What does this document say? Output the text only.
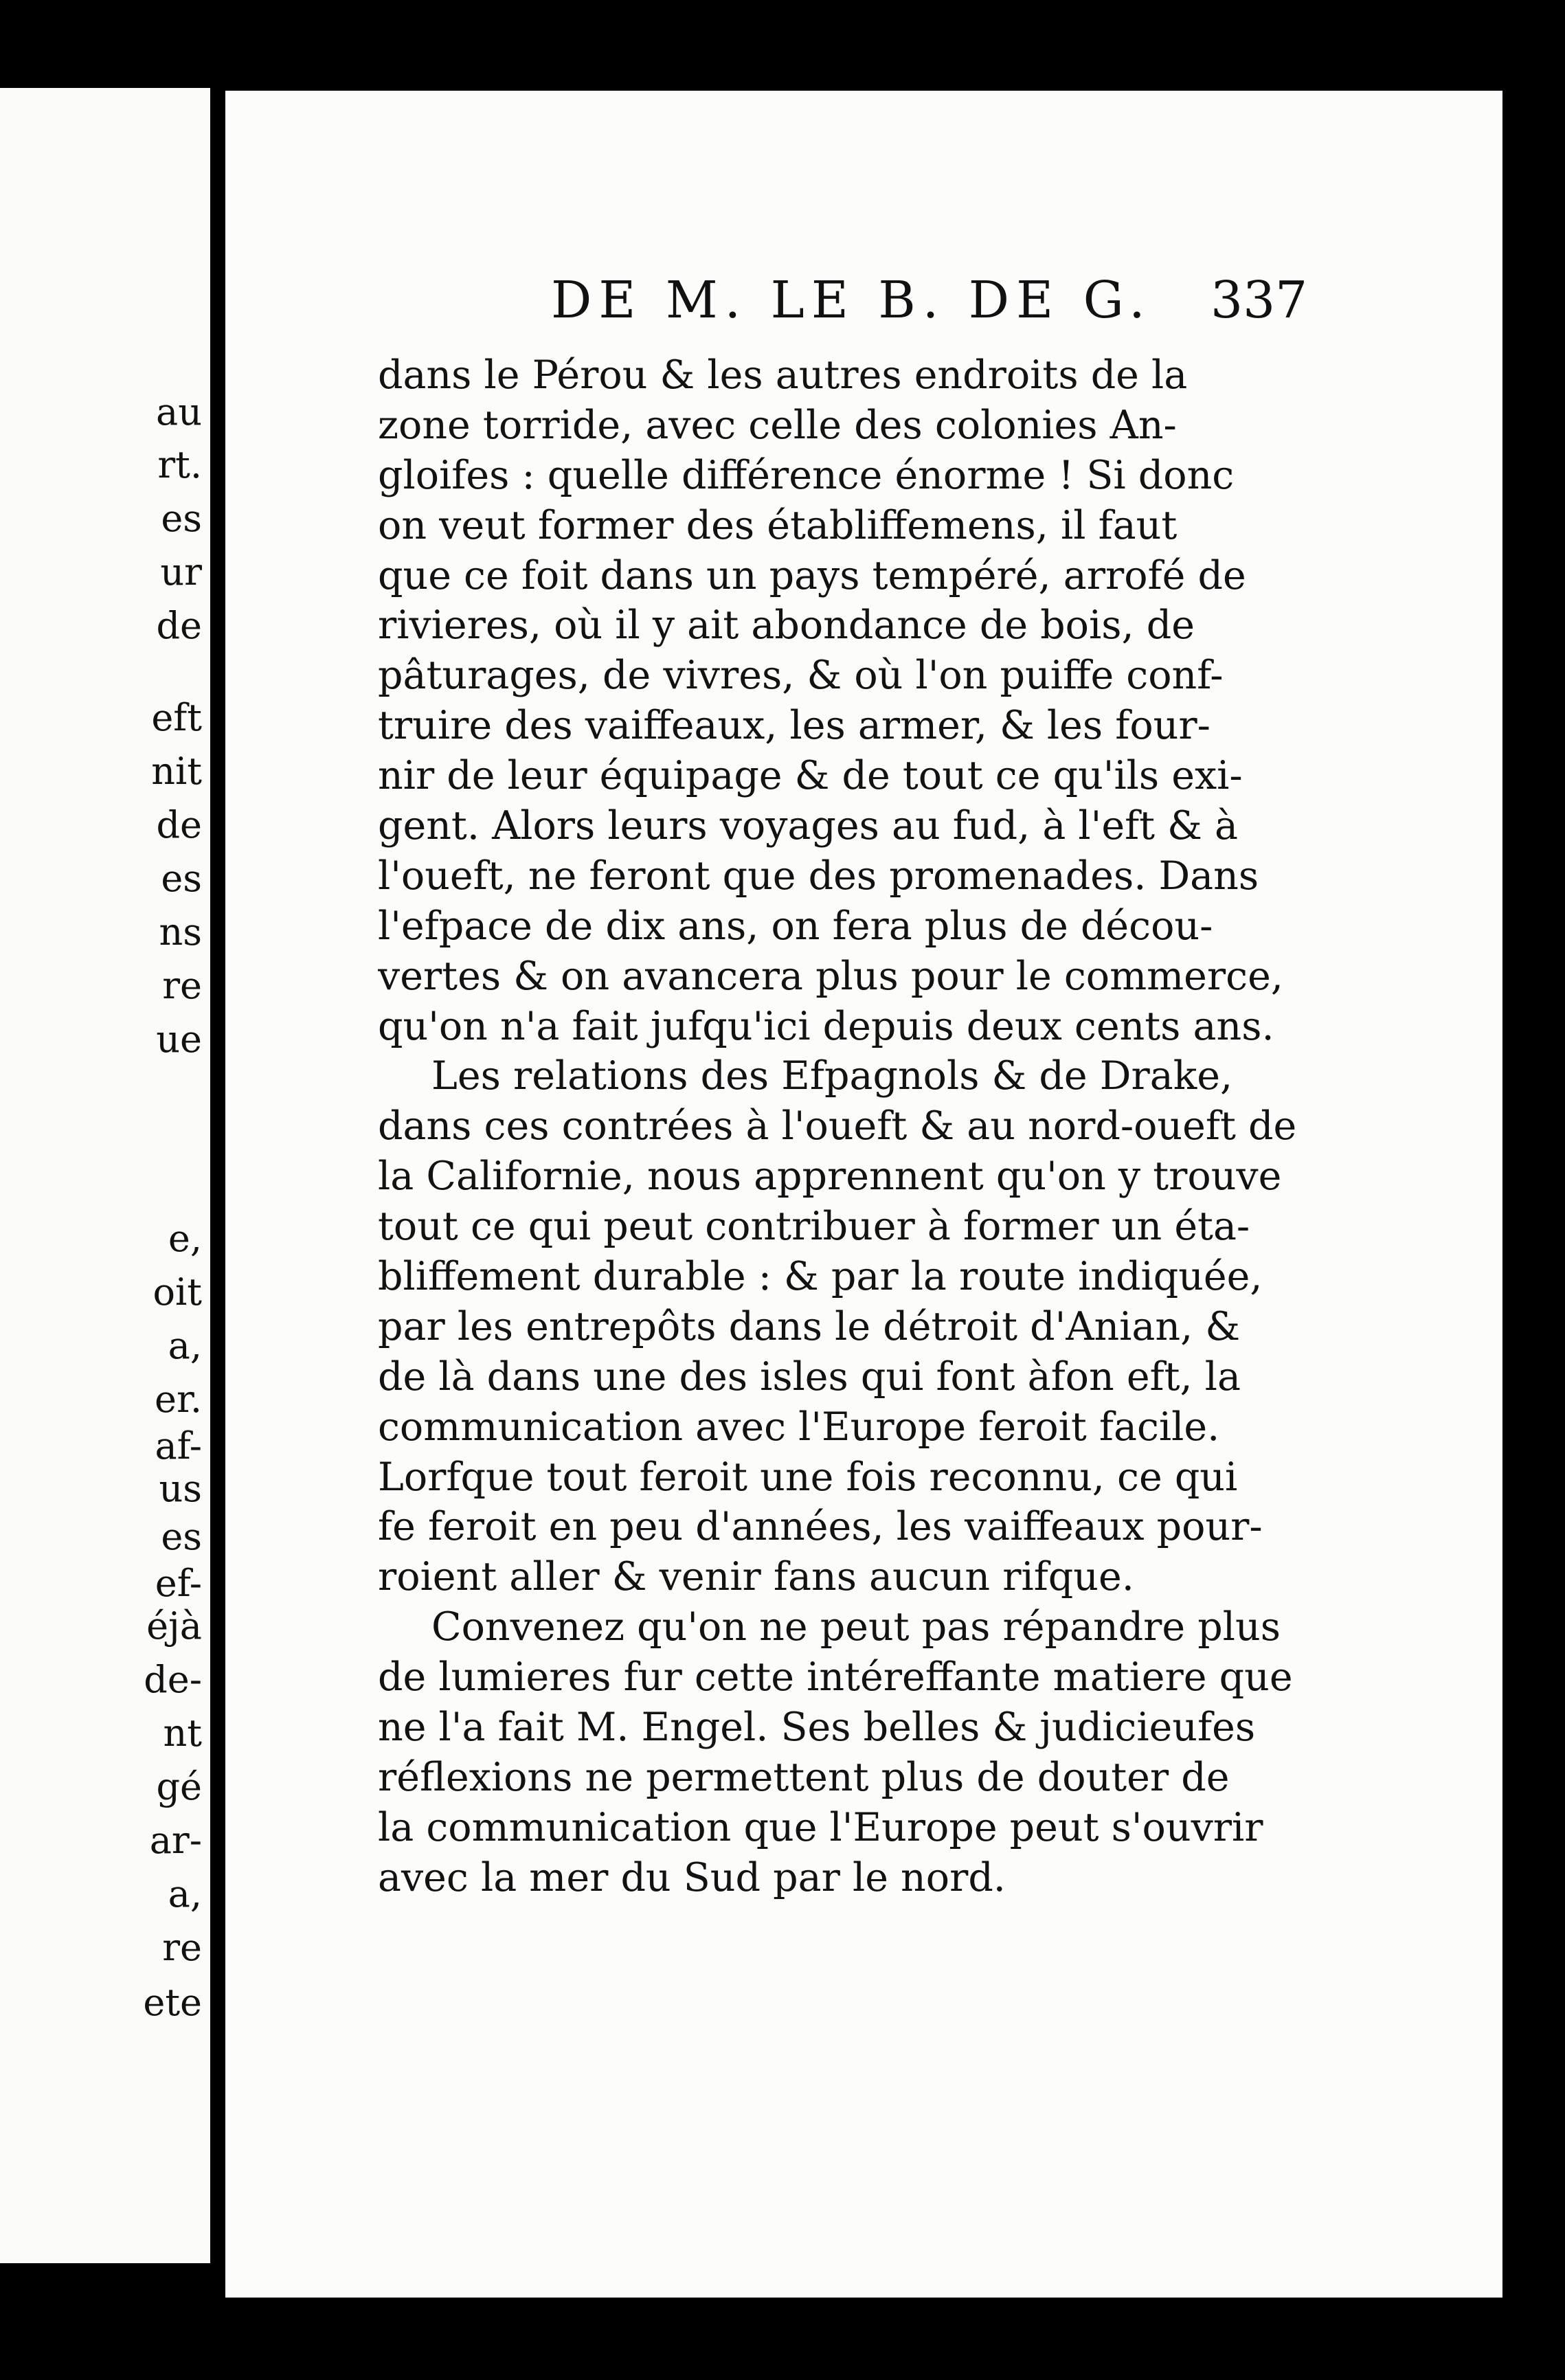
au
rt.
es
ur
de
eft
nit
de
es
ns
re
ue
e,
oit
a,
er.
af-
us
es
ef-
éjà
de-
nt
gé
ar-
a,
re
ete
DE M. LE B. DE G. 337
dans le Pérou & les autres endroits de la
zone torride, avec celle des colonies An-
gloifes : quelle différence énorme ! Si donc
on veut former des établiffemens, il faut
que ce foit dans un pays tempéré, arrofé de
rivieres, où il y ait abondance de bois, de
pâturages, de vivres, & où l'on puiffe conf-
truire des vaiffeaux, les armer, & les four-
nir de leur équipage & de tout ce qu'ils exi-
gent. Alors leurs voyages au fud, à l'eft & à
l'oueft, ne feront que des promenades. Dans
l'efpace de dix ans, on fera plus de décou-
vertes & on avancera plus pour le commerce,
qu'on n'a fait jufqu'ici depuis deux cents ans.
Les relations des Efpagnols & de Drake,
dans ces contrées à l'oueft & au nord-oueft de
la Californie, nous apprennent qu'on y trouve
tout ce qui peut contribuer à former un éta-
bliffement durable : & par la route indiquée,
par les entrepôts dans le détroit d'Anian, &
de là dans une des isles qui font àfon eft, la
communication avec l'Europe feroit facile.
Lorfque tout feroit une fois reconnu, ce qui
fe feroit en peu d'années, les vaiffeaux pour-
roient aller & venir fans aucun rifque.
Convenez qu'on ne peut pas répandre plus
de lumieres fur cette intéreffante matiere que
ne l'a fait M. Engel. Ses belles & judicieufes
réflexions ne permettent plus de douter de
la communication que l'Europe peut s'ouvrir
avec la mer du Sud par le nord.
